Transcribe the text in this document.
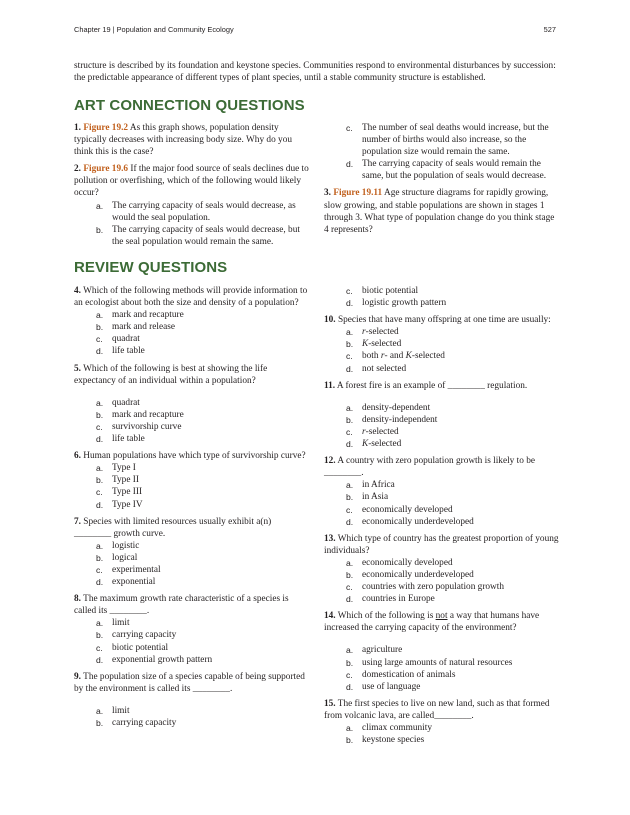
Chapter 19 | Population and Community Ecology	527
structure is described by its foundation and keystone species. Communities respond to environmental disturbances by succession: the predictable appearance of different types of plant species, until a stable community structure is established.
ART CONNECTION QUESTIONS
1. Figure 19.2 As this graph shows, population density typically decreases with increasing body size. Why do you think this is the case?
2. Figure 19.6 If the major food source of seals declines due to pollution or overfishing, which of the following would likely occur?
a. The carrying capacity of seals would decrease, as would the seal population.
b. The carrying capacity of seals would decrease, but the seal population would remain the same.
c. The number of seal deaths would increase, but the number of births would also increase, so the population size would remain the same.
d. The carrying capacity of seals would remain the same, but the population of seals would decrease.
3. Figure 19.11 Age structure diagrams for rapidly growing, slow growing, and stable populations are shown in stages 1 through 3. What type of population change do you think stage 4 represents?
REVIEW QUESTIONS
4. Which of the following methods will provide information to an ecologist about both the size and density of a population?
a. mark and recapture
b. mark and release
c. quadrat
d. life table
5. Which of the following is best at showing the life expectancy of an individual within a population?
a. quadrat
b. mark and recapture
c. survivorship curve
d. life table
6. Human populations have which type of survivorship curve?
a. Type I
b. Type II
c. Type III
d. Type IV
7. Species with limited resources usually exhibit a(n) ________ growth curve.
a. logistic
b. logical
c. experimental
d. exponential
8. The maximum growth rate characteristic of a species is called its ________.
a. limit
b. carrying capacity
c. biotic potential
d. exponential growth pattern
9. The population size of a species capable of being supported by the environment is called its ________.
a. limit
b. carrying capacity
c. biotic potential
d. logistic growth pattern
10. Species that have many offspring at one time are usually:
a. r-selected
b. K-selected
c. both r- and K-selected
d. not selected
11. A forest fire is an example of ________ regulation.
a. density-dependent
b. density-independent
c. r-selected
d. K-selected
12. A country with zero population growth is likely to be ________.
a. in Africa
b. in Asia
c. economically developed
d. economically underdeveloped
13. Which type of country has the greatest proportion of young individuals?
a. economically developed
b. economically underdeveloped
c. countries with zero population growth
d. countries in Europe
14. Which of the following is not a way that humans have increased the carrying capacity of the environment?
a. agriculture
b. using large amounts of natural resources
c. domestication of animals
d. use of language
15. The first species to live on new land, such as that formed from volcanic lava, are called________.
a. climax community
b. keystone species
